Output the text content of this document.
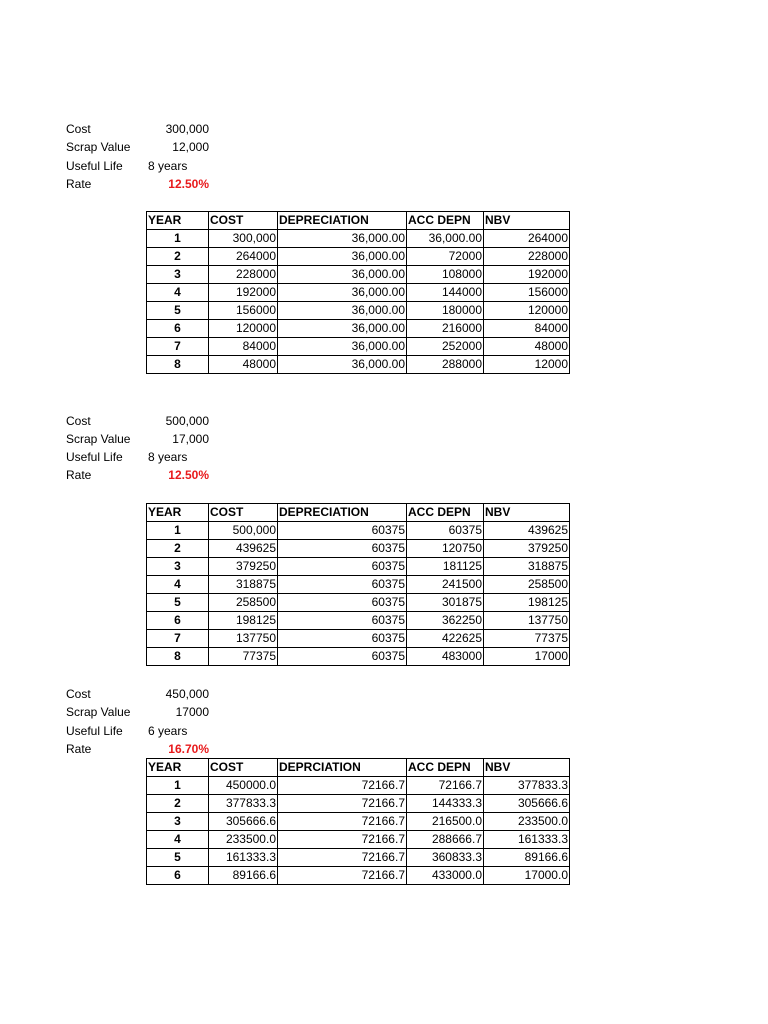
Cost	300,000
Scrap Value	12,000
Useful Life 8 years
Rate	12.50%
YEAR	COST	DEPRECIATION	ACC DEPN	NBV
1	300,000	36,000.00	36,000.00	264000
2	264000	36,000.00	72000	228000
3	228000	36,000.00	108000	192000
4	192000	36,000.00	144000	156000
5	156000	36,000.00	180000	120000
6	120000	36,000.00	216000	84000
7	84000	36,000.00	252000	48000
8	48000	36,000.00	288000	12000
Cost	500,000
Scrap Value	17,000
Useful Life 8 years
Rate	12.50%
YEAR	COST	DEPRECIATION	ACC DEPN	NBV
1	500,000	60375	60375	439625
2	439625	60375	120750	379250
3	379250	60375	181125	318875
4	318875	60375	241500	258500
5	258500	60375	301875	198125
6	198125	60375	362250	137750
7	137750	60375	422625	77375
8	77375	60375	483000	17000
Cost	450,000
Scrap Value	17000
Useful Life 6 years
Rate	16.70%
YEAR	COST	DEPRCIATION	ACC DEPN	NBV
1	450000.0	72166.7	72166.7	377833.3
2	377833.3	72166.7	144333.3	305666.6
3	305666.6	72166.7	216500.0	233500.0
4	233500.0	72166.7	288666.7	161333.3
5	161333.3	72166.7	360833.3	89166.6
6	89166.6	72166.7	433000.0	17000.0
